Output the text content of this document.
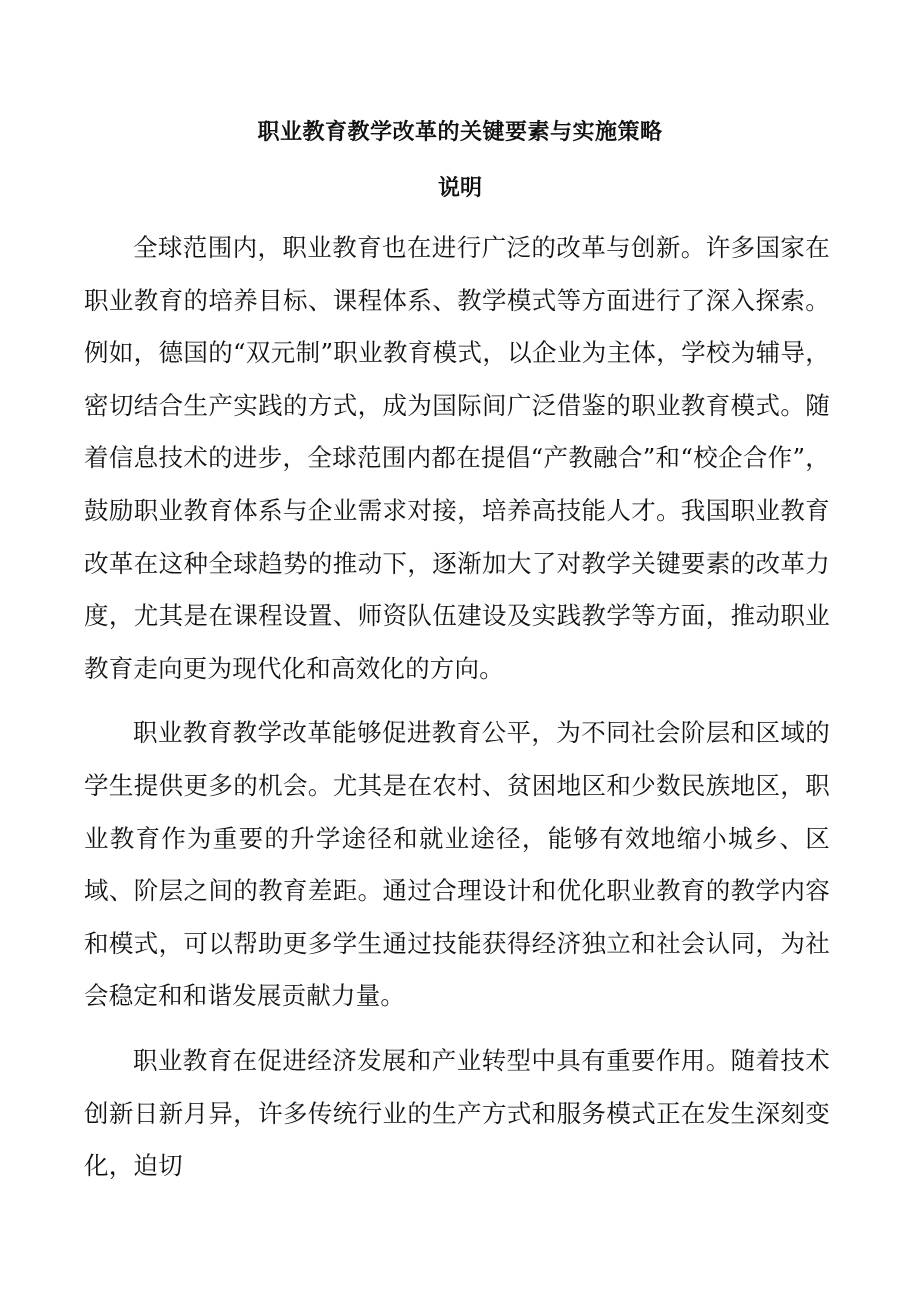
职业教育教学改革的关键要素与实施策略
说明

全球范围内，职业教育也在进行广泛的改革与创新。许多国家在职业教育的培养目标、课程体系、教学模式等方面进行了深入探索。例如，德国的“双元制”职业教育模式，以企业为主体，学校为辅导，密切结合生产实践的方式，成为国际间广泛借鉴的职业教育模式。随着信息技术的进步，全球范围内都在提倡“产教融合”和“校企合作”，鼓励职业教育体系与企业需求对接，培养高技能人才。我国职业教育改革在这种全球趋势的推动下，逐渐加大了对教学关键要素的改革力度，尤其是在课程设置、师资队伍建设及实践教学等方面，推动职业教育走向更为现代化和高效化的方向。

职业教育教学改革能够促进教育公平，为不同社会阶层和区域的学生提供更多的机会。尤其是在农村、贫困地区和少数民族地区，职业教育作为重要的升学途径和就业途径，能够有效地缩小城乡、区域、阶层之间的教育差距。通过合理设计和优化职业教育的教学内容和模式，可以帮助更多学生通过技能获得经济独立和社会认同，为社会稳定和和谐发展贡献力量。

职业教育在促进经济发展和产业转型中具有重要作用。随着技术创新日新月异，许多传统行业的生产方式和服务模式正在发生深刻变化，迫切
